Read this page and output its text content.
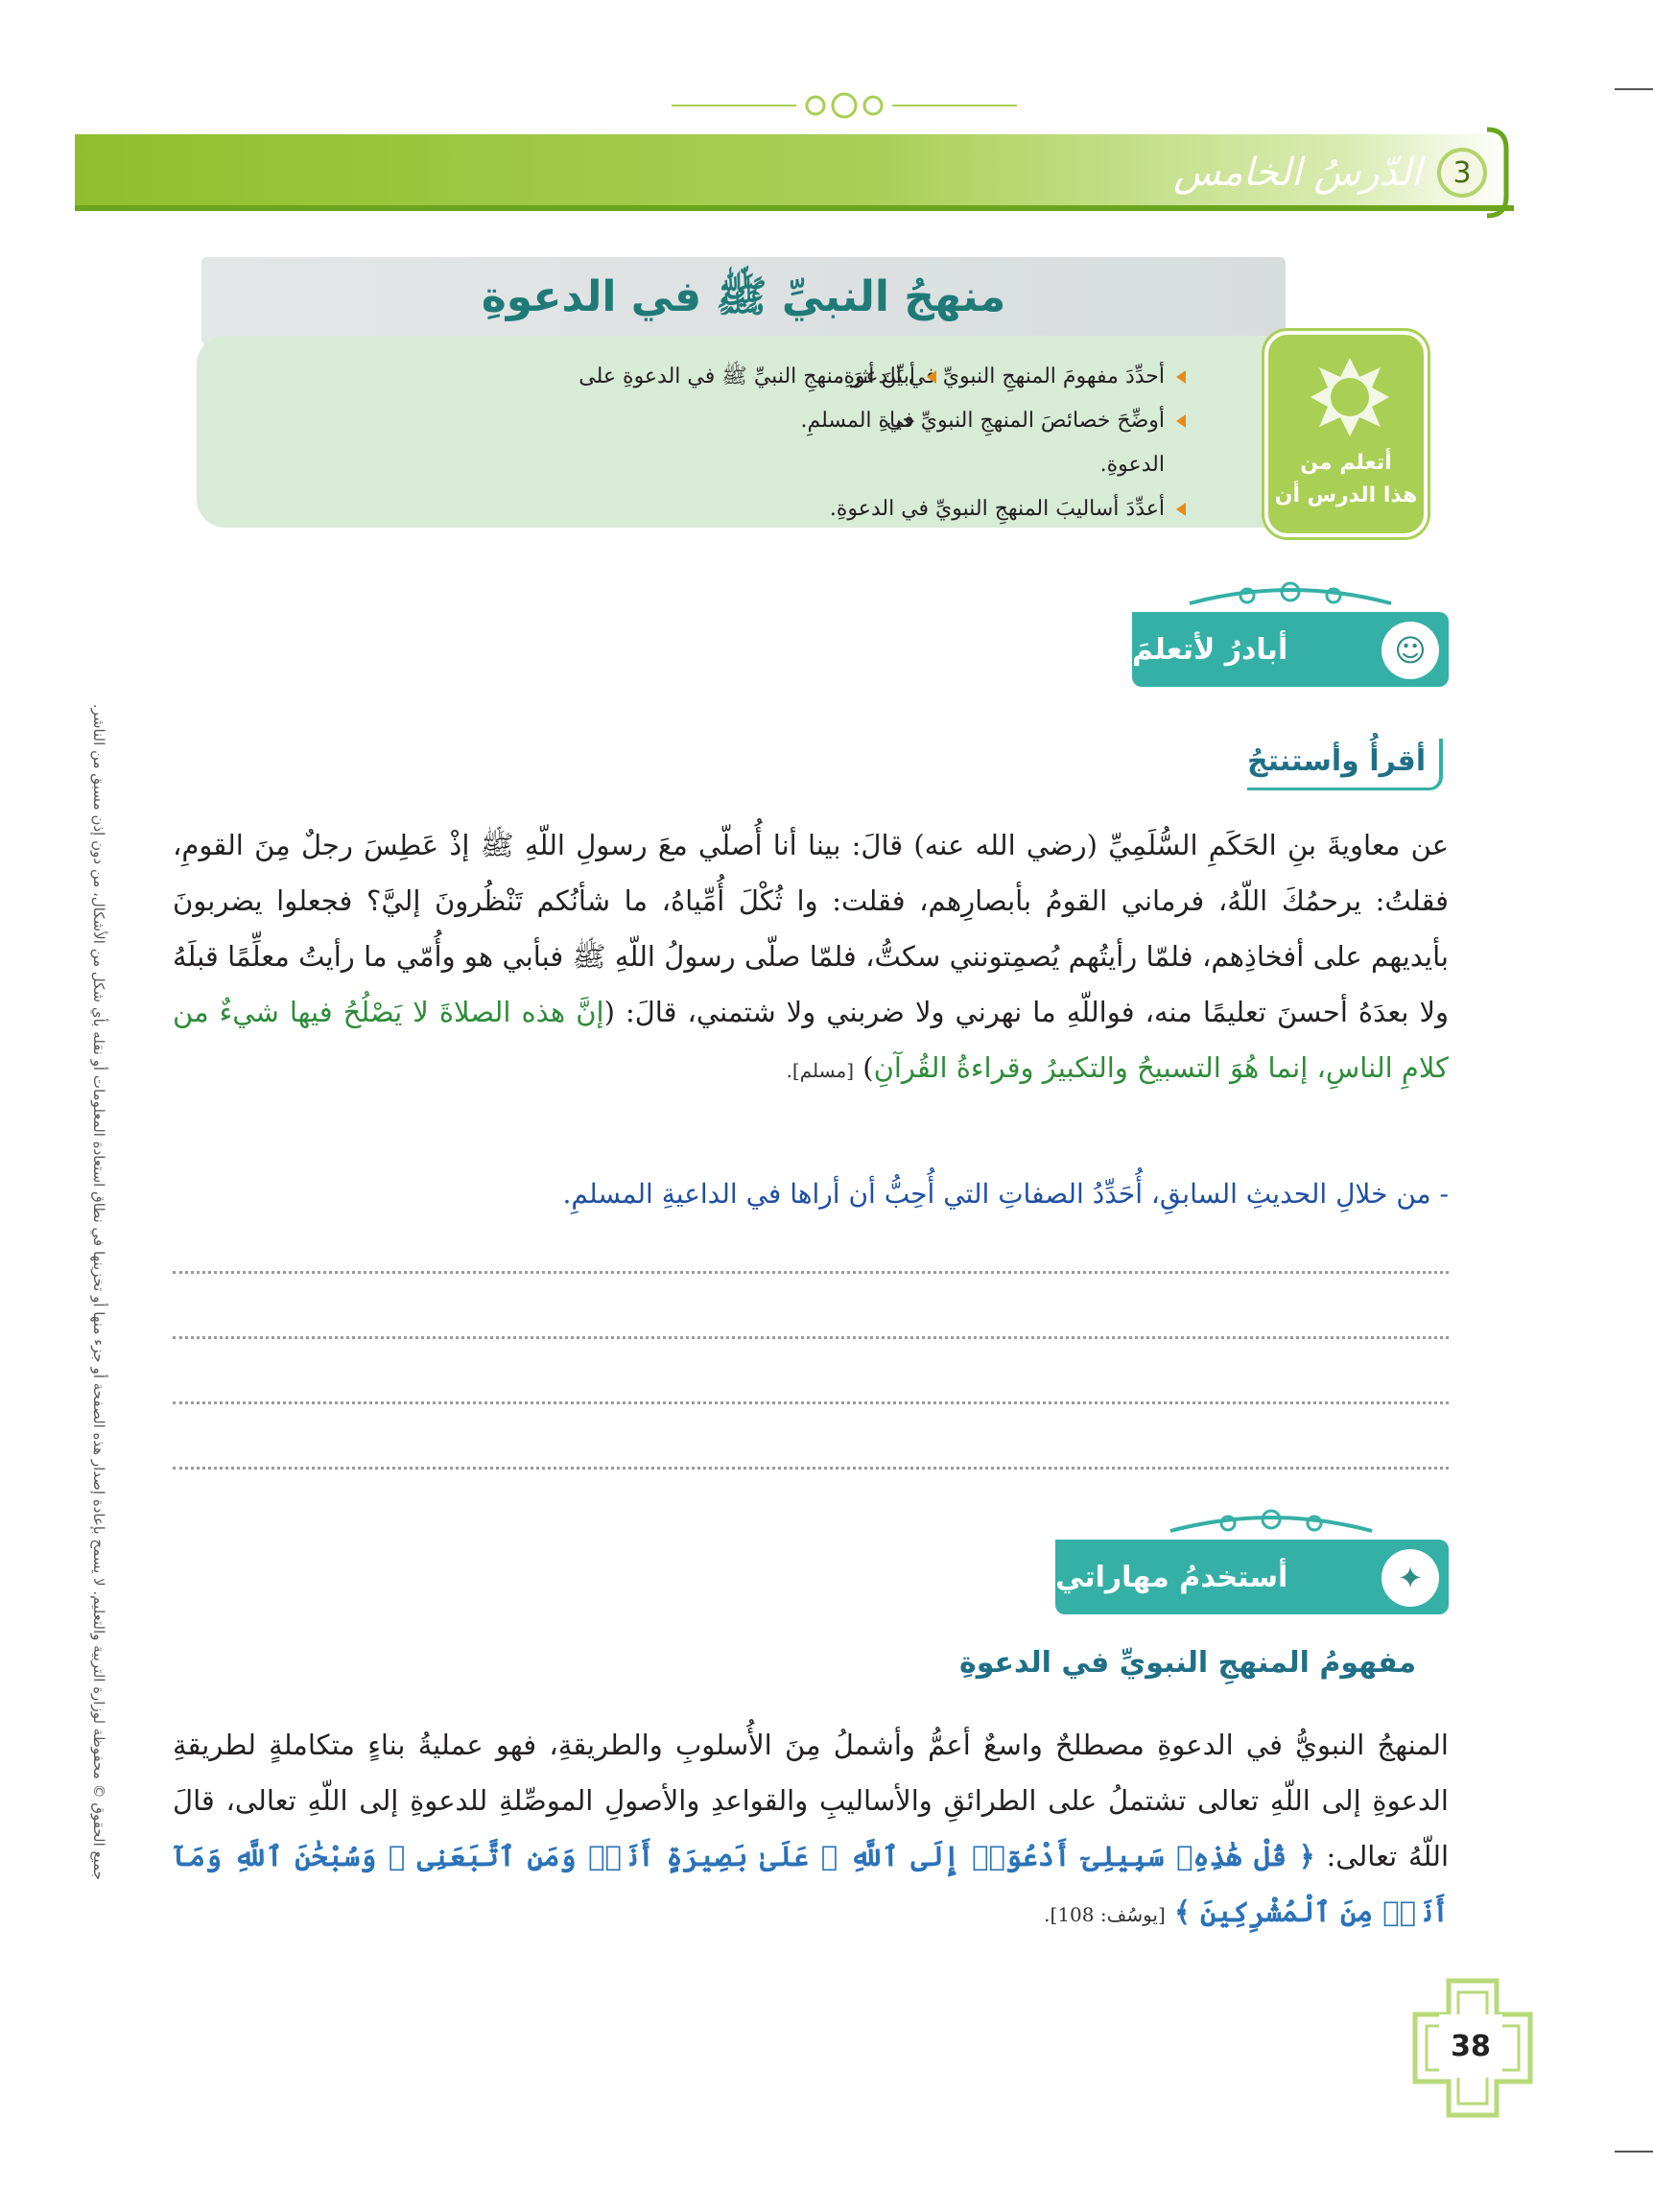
3
الدّرسُ الخامس
منهجُ النبيِّ ﷺ في الدعوةِ
أحدِّدَ مفهومَ المنهجِ النبويِّ في الدعوةِ.
أوضِّحَ خصائصَ المنهجِ النبويِّ في الدعوةِ.
أعدِّدَ أساليبَ المنهجِ النبويِّ في الدعوةِ.
أبيِّنَ أثرَ منهجِ النبيِّ ﷺ في الدعوةِ على حياةِ المسلمِ.
أتعلم من
هذا الدرس أن
أبادرُ لأتعلمَ	☺
أقرأُ وأستنتجُ
عن معاويةَ بنِ الحَكَمِ السُّلَمِيِّ (رضي الله عنه) قالَ: بينا أنا أُصلّي معَ رسولِ اللّهِ ﷺ إذْ عَطِسَ رجلٌ مِنَ القومِ، فقلتُ: يرحمُكَ اللّهُ، فرماني القومُ بأبصارِهم، فقلت: وا ثُكْلَ أُمِّياهُ، ما شأنُكم تَنْظُرونَ إليَّ؟ فجعلوا يضربونَ بأيديهم على أفخاذِهم، فلمّا رأيتُهم يُصمِتونني سكتُّ، فلمّا صلّى رسولُ اللّهِ ﷺ فبأبي هو وأُمّي ما رأيتُ معلِّمًا قبلَهُ ولا بعدَهُ أحسنَ تعليمًا منه، فواللّهِ ما نهرني ولا ضربني ولا شتمني، قالَ: (إنَّ هذه الصلاةَ لا يَصْلُحُ فيها شيءٌ من كلامِ الناسِ، إنما هُوَ التسبيحُ والتكبيرُ وقراءةُ القُرآنِ) [مسلم].
- من خلالِ الحديثِ السابقِ، أُحَدِّدُ الصفاتِ التي أُحِبُّ أن أراها في الداعيةِ المسلمِ.
أستخدمُ مهاراتي	✦
مفهومُ المنهجِ النبويِّ في الدعوةِ
المنهجُ النبويُّ في الدعوةِ مصطلحٌ واسعٌ أعمُّ وأشملُ مِنَ الأُسلوبِ والطريقةِ، فهو عمليةُ بناءٍ متكاملةٍ لطريقةِ الدعوةِ إلى اللّهِ تعالى تشتملُ على الطرائقِ والأساليبِ والقواعدِ والأصولِ الموصِّلةِ للدعوةِ إلى اللّهِ تعالى، قالَ اللّهُ تعالى: ﴿ قُلْ هَٰذِهِۦ سَبِيلِىٓ أَدْعُوٓا۟ إِلَى ٱللَّهِ ۚ عَلَىٰ بَصِيرَةٍ أَنَا۠ وَمَنِ ٱتَّبَعَنِى ۖ وَسُبْحَٰنَ ٱللَّهِ وَمَآ أَنَا۠ مِنَ ٱلْمُشْرِكِينَ ﴾ [يوسُف: 108].
جميع الحقوق © محفوظة لوزارة التربية والتعليم. لا يسمح بإعادة إصدار هذه الصفحة أو جزء منها أو تخزينها في نطاق استعادة المعلومات أو نقله بأي شكل من الأشكال، من دون إذن مسبق من الناشر.
38
